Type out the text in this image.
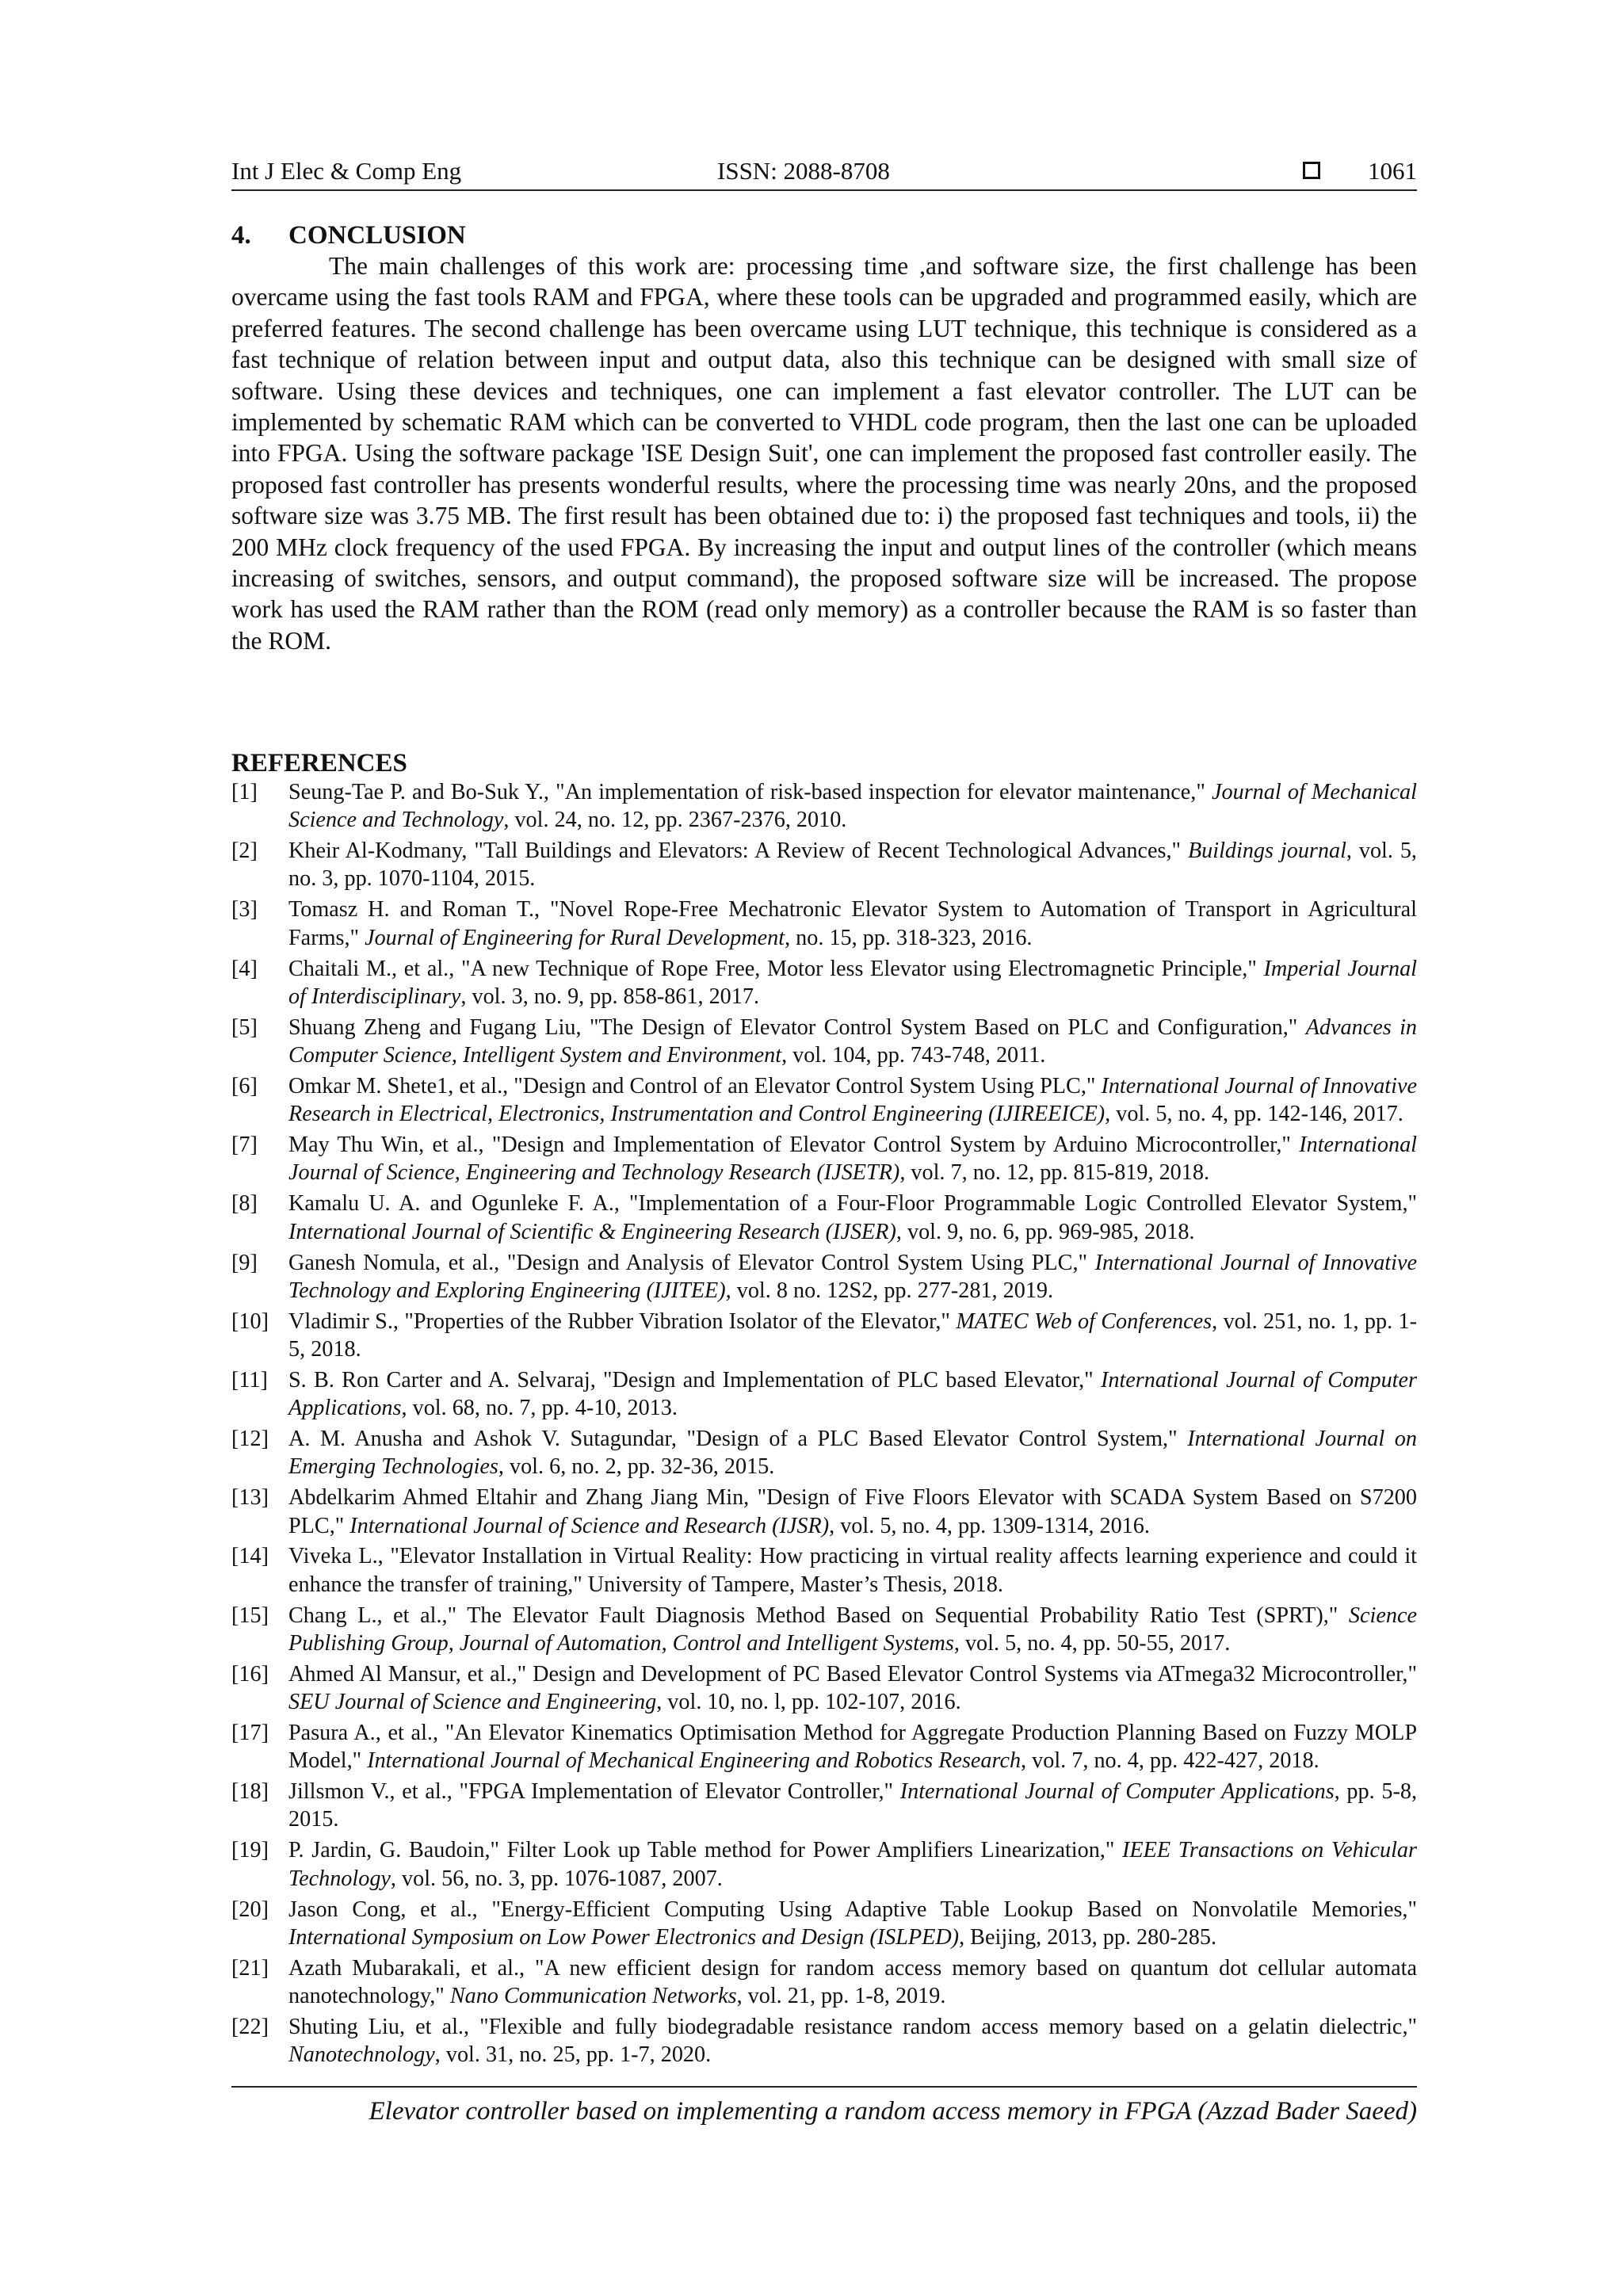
Int J Elec & Comp Eng	ISSN: 2088-8708	1061
4. CONCLUSION

The main challenges of this work are: processing time ,and software size, the first challenge has been overcame using the fast tools RAM and FPGA, where these tools can be upgraded and programmed easily, which are preferred features. The second challenge has been overcame using LUT technique, this technique is considered as a fast technique of relation between input and output data, also this technique can be designed with small size of software. Using these devices and techniques, one can implement a fast elevator controller. The LUT can be implemented by schematic RAM which can be converted to VHDL code program, then the last one can be uploaded into FPGA. Using the software package 'ISE Design Suit', one can implement the proposed fast controller easily. The proposed fast controller has presents wonderful results, where the processing time was nearly 20ns, and the proposed software size was 3.75 MB. The first result has been obtained due to: i) the proposed fast techniques and tools, ii) the 200 MHz clock frequency of the used FPGA. By increasing the input and output lines of the controller (which means increasing of switches, sensors, and output command), the proposed software size will be increased. The propose work has used the RAM rather than the ROM (read only memory) as a controller because the RAM is so faster than the ROM.

REFERENCES
[1] Seung-Tae P. and Bo-Suk Y., "An implementation of risk-based inspection for elevator maintenance," Journal of Mechanical Science and Technology, vol. 24, no. 12, pp. 2367-2376, 2010.
[2] Kheir Al-Kodmany, "Tall Buildings and Elevators: A Review of Recent Technological Advances," Buildings journal, vol. 5, no. 3, pp. 1070-1104, 2015.
[3] Tomasz H. and Roman T., "Novel Rope-Free Mechatronic Elevator System to Automation of Transport in Agricultural Farms," Journal of Engineering for Rural Development, no. 15, pp. 318-323, 2016.
[4] Chaitali M., et al., "A new Technique of Rope Free, Motor less Elevator using Electromagnetic Principle," Imperial Journal of Interdisciplinary, vol. 3, no. 9, pp. 858-861, 2017.
[5] Shuang Zheng and Fugang Liu, "The Design of Elevator Control System Based on PLC and Configuration," Advances in Computer Science, Intelligent System and Environment, vol. 104, pp. 743-748, 2011.
[6] Omkar M. Shete1, et al., "Design and Control of an Elevator Control System Using PLC," International Journal of Innovative Research in Electrical, Electronics, Instrumentation and Control Engineering (IJIREEICE), vol. 5, no. 4, pp. 142-146, 2017.
[7] May Thu Win, et al., "Design and Implementation of Elevator Control System by Arduino Microcontroller," International Journal of Science, Engineering and Technology Research (IJSETR), vol. 7, no. 12, pp. 815-819, 2018.
[8] Kamalu U. A. and Ogunleke F. A., "Implementation of a Four-Floor Programmable Logic Controlled Elevator System," International Journal of Scientific & Engineering Research (IJSER), vol. 9, no. 6, pp. 969-985, 2018.
[9] Ganesh Nomula, et al., "Design and Analysis of Elevator Control System Using PLC," International Journal of Innovative Technology and Exploring Engineering (IJITEE), vol. 8 no. 12S2, pp. 277-281, 2019.
[10] Vladimir S., "Properties of the Rubber Vibration Isolator of the Elevator," MATEC Web of Conferences, vol. 251, no. 1, pp. 1-5, 2018.
[11] S. B. Ron Carter and A. Selvaraj, "Design and Implementation of PLC based Elevator," International Journal of Computer Applications, vol. 68, no. 7, pp. 4-10, 2013.
[12] A. M. Anusha and Ashok V. Sutagundar, "Design of a PLC Based Elevator Control System," International Journal on Emerging Technologies, vol. 6, no. 2, pp. 32-36, 2015.
[13] Abdelkarim Ahmed Eltahir and Zhang Jiang Min, "Design of Five Floors Elevator with SCADA System Based on S7200 PLC," International Journal of Science and Research (IJSR), vol. 5, no. 4, pp. 1309-1314, 2016.
[14] Viveka L., "Elevator Installation in Virtual Reality: How practicing in virtual reality affects learning experience and could it enhance the transfer of training," University of Tampere, Master’s Thesis, 2018.
[15] Chang L., et al.," The Elevator Fault Diagnosis Method Based on Sequential Probability Ratio Test (SPRT)," Science Publishing Group, Journal of Automation, Control and Intelligent Systems, vol. 5, no. 4, pp. 50-55, 2017.
[16] Ahmed Al Mansur, et al.," Design and Development of PC Based Elevator Control Systems via ATmega32 Microcontroller," SEU Journal of Science and Engineering, vol. 10, no. l, pp. 102-107, 2016.
[17] Pasura A., et al., "An Elevator Kinematics Optimisation Method for Aggregate Production Planning Based on Fuzzy MOLP Model," International Journal of Mechanical Engineering and Robotics Research, vol. 7, no. 4, pp. 422-427, 2018.
[18] Jillsmon V., et al., "FPGA Implementation of Elevator Controller," International Journal of Computer Applications, pp. 5-8, 2015.
[19] P. Jardin, G. Baudoin," Filter Look up Table method for Power Amplifiers Linearization," IEEE Transactions on Vehicular Technology, vol. 56, no. 3, pp. 1076-1087, 2007.
[20] Jason Cong, et al., "Energy-Efficient Computing Using Adaptive Table Lookup Based on Nonvolatile Memories," International Symposium on Low Power Electronics and Design (ISLPED), Beijing, 2013, pp. 280-285.
[21] Azath Mubarakali, et al., "A new efficient design for random access memory based on quantum dot cellular automata nanotechnology," Nano Communication Networks, vol. 21, pp. 1-8, 2019.
[22] Shuting Liu, et al., "Flexible and fully biodegradable resistance random access memory based on a gelatin dielectric," Nanotechnology, vol. 31, no. 25, pp. 1-7, 2020.
Elevator controller based on implementing a random access memory in FPGA (Azzad Bader Saeed)
